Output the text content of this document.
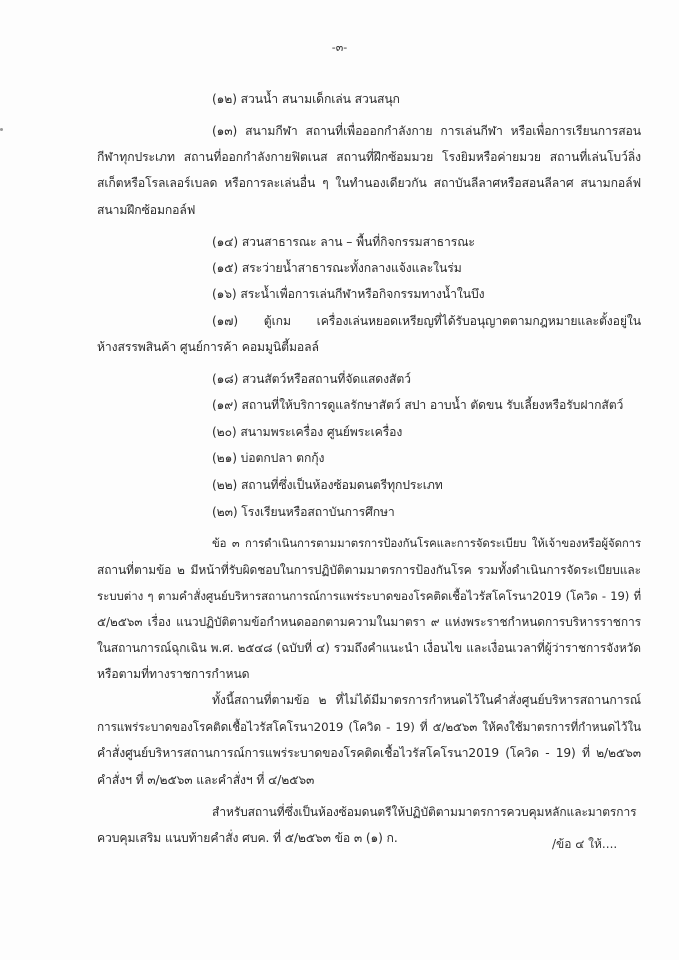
-๓-
(๑๒) สวนน้ำ สนามเด็กเล่น สวนสนุก
(๑๓) สนามกีฬา สถานที่เพื่อออกกำลังกาย การเล่นกีฬา หรือเพื่อการเรียนการสอน
กีฬาทุกประเภท สถานที่ออกกำลังกายฟิตเนส สถานที่ฝึกซ้อมมวย โรงยิมหรือค่ายมวย สถานที่เล่นโบว์ลิ่ง
สเก็ตหรือโรลเลอร์เบลด หรือการละเล่นอื่น ๆ ในทำนองเดียวกัน สถาบันลีลาศหรือสอนลีลาศ สนามกอล์ฟ
สนามฝึกซ้อมกอล์ฟ
(๑๔) สวนสาธารณะ ลาน – พื้นที่กิจกรรมสาธารณะ
(๑๕) สระว่ายน้ำสาธารณะทั้งกลางแจ้งและในร่ม
(๑๖) สระน้ำเพื่อการเล่นกีฬาหรือกิจกรรมทางน้ำในบึง
(๑๗) ตู้เกม เครื่องเล่นหยอดเหรียญที่ได้รับอนุญาตตามกฎหมายและตั้งอยู่ใน
ห้างสรรพสินค้า ศูนย์การค้า คอมมูนิตี้มอลล์
(๑๘) สวนสัตว์หรือสถานที่จัดแสดงสัตว์
(๑๙) สถานที่ให้บริการดูแลรักษาสัตว์ สปา อาบน้ำ ตัดขน รับเลี้ยงหรือรับฝากสัตว์
(๒๐) สนามพระเครื่อง ศูนย์พระเครื่อง
(๒๑) บ่อตกปลา ตกกุ้ง
(๒๒) สถานที่ซึ่งเป็นห้องซ้อมดนตรีทุกประเภท
(๒๓) โรงเรียนหรือสถาบันการศึกษา
ข้อ ๓ การดำเนินการตามมาตรการป้องกันโรคและการจัดระเบียบ ให้เจ้าของหรือผู้จัดการ
สถานที่ตามข้อ ๒ มีหน้าที่รับผิดชอบในการปฏิบัติตามมาตรการป้องกันโรค รวมทั้งดำเนินการจัดระเบียบและ
ระบบต่าง ๆ ตามคำสั่งศูนย์บริหารสถานการณ์การแพร่ระบาดของโรคติดเชื้อไวรัสโคโรนา2019 (โควิด - 19) ที่
๕/๒๕๖๓ เรื่อง แนวปฏิบัติตามข้อกำหนดออกตามความในมาตรา ๙ แห่งพระราชกำหนดการบริหารราชการ
ในสถานการณ์ฉุกเฉิน พ.ศ. ๒๕๔๘ (ฉบับที่ ๔) รวมถึงคำแนะนำ เงื่อนไข และเงื่อนเวลาที่ผู้ว่าราชการจังหวัด
หรือตามที่ทางราชการกำหนด
ทั้งนี้สถานที่ตามข้อ ๒ ที่ไม่ได้มีมาตรการกำหนดไว้ในคำสั่งศูนย์บริหารสถานการณ์
การแพร่ระบาดของโรคติดเชื้อไวรัสโคโรนา2019 (โควิด - 19) ที่ ๕/๒๕๖๓ ให้คงใช้มาตรการที่กำหนดไว้ใน
คำสั่งศูนย์บริหารสถานการณ์การแพร่ระบาดของโรคติดเชื้อไวรัสโคโรนา2019 (โควิด - 19) ที่ ๒/๒๕๖๓
คำสั่งฯ ที่ ๓/๒๕๖๓ และคำสั่งฯ ที่ ๔/๒๕๖๓
สำหรับสถานที่ซึ่งเป็นห้องซ้อมดนตรีให้ปฏิบัติตามมาตรการควบคุมหลักและมาตรการ
ควบคุมเสริม แนบท้ายคำสั่ง ศบค. ที่ ๕/๒๕๖๓ ข้อ ๓ (๑) ก.	/ข้อ ๔ ให้....
